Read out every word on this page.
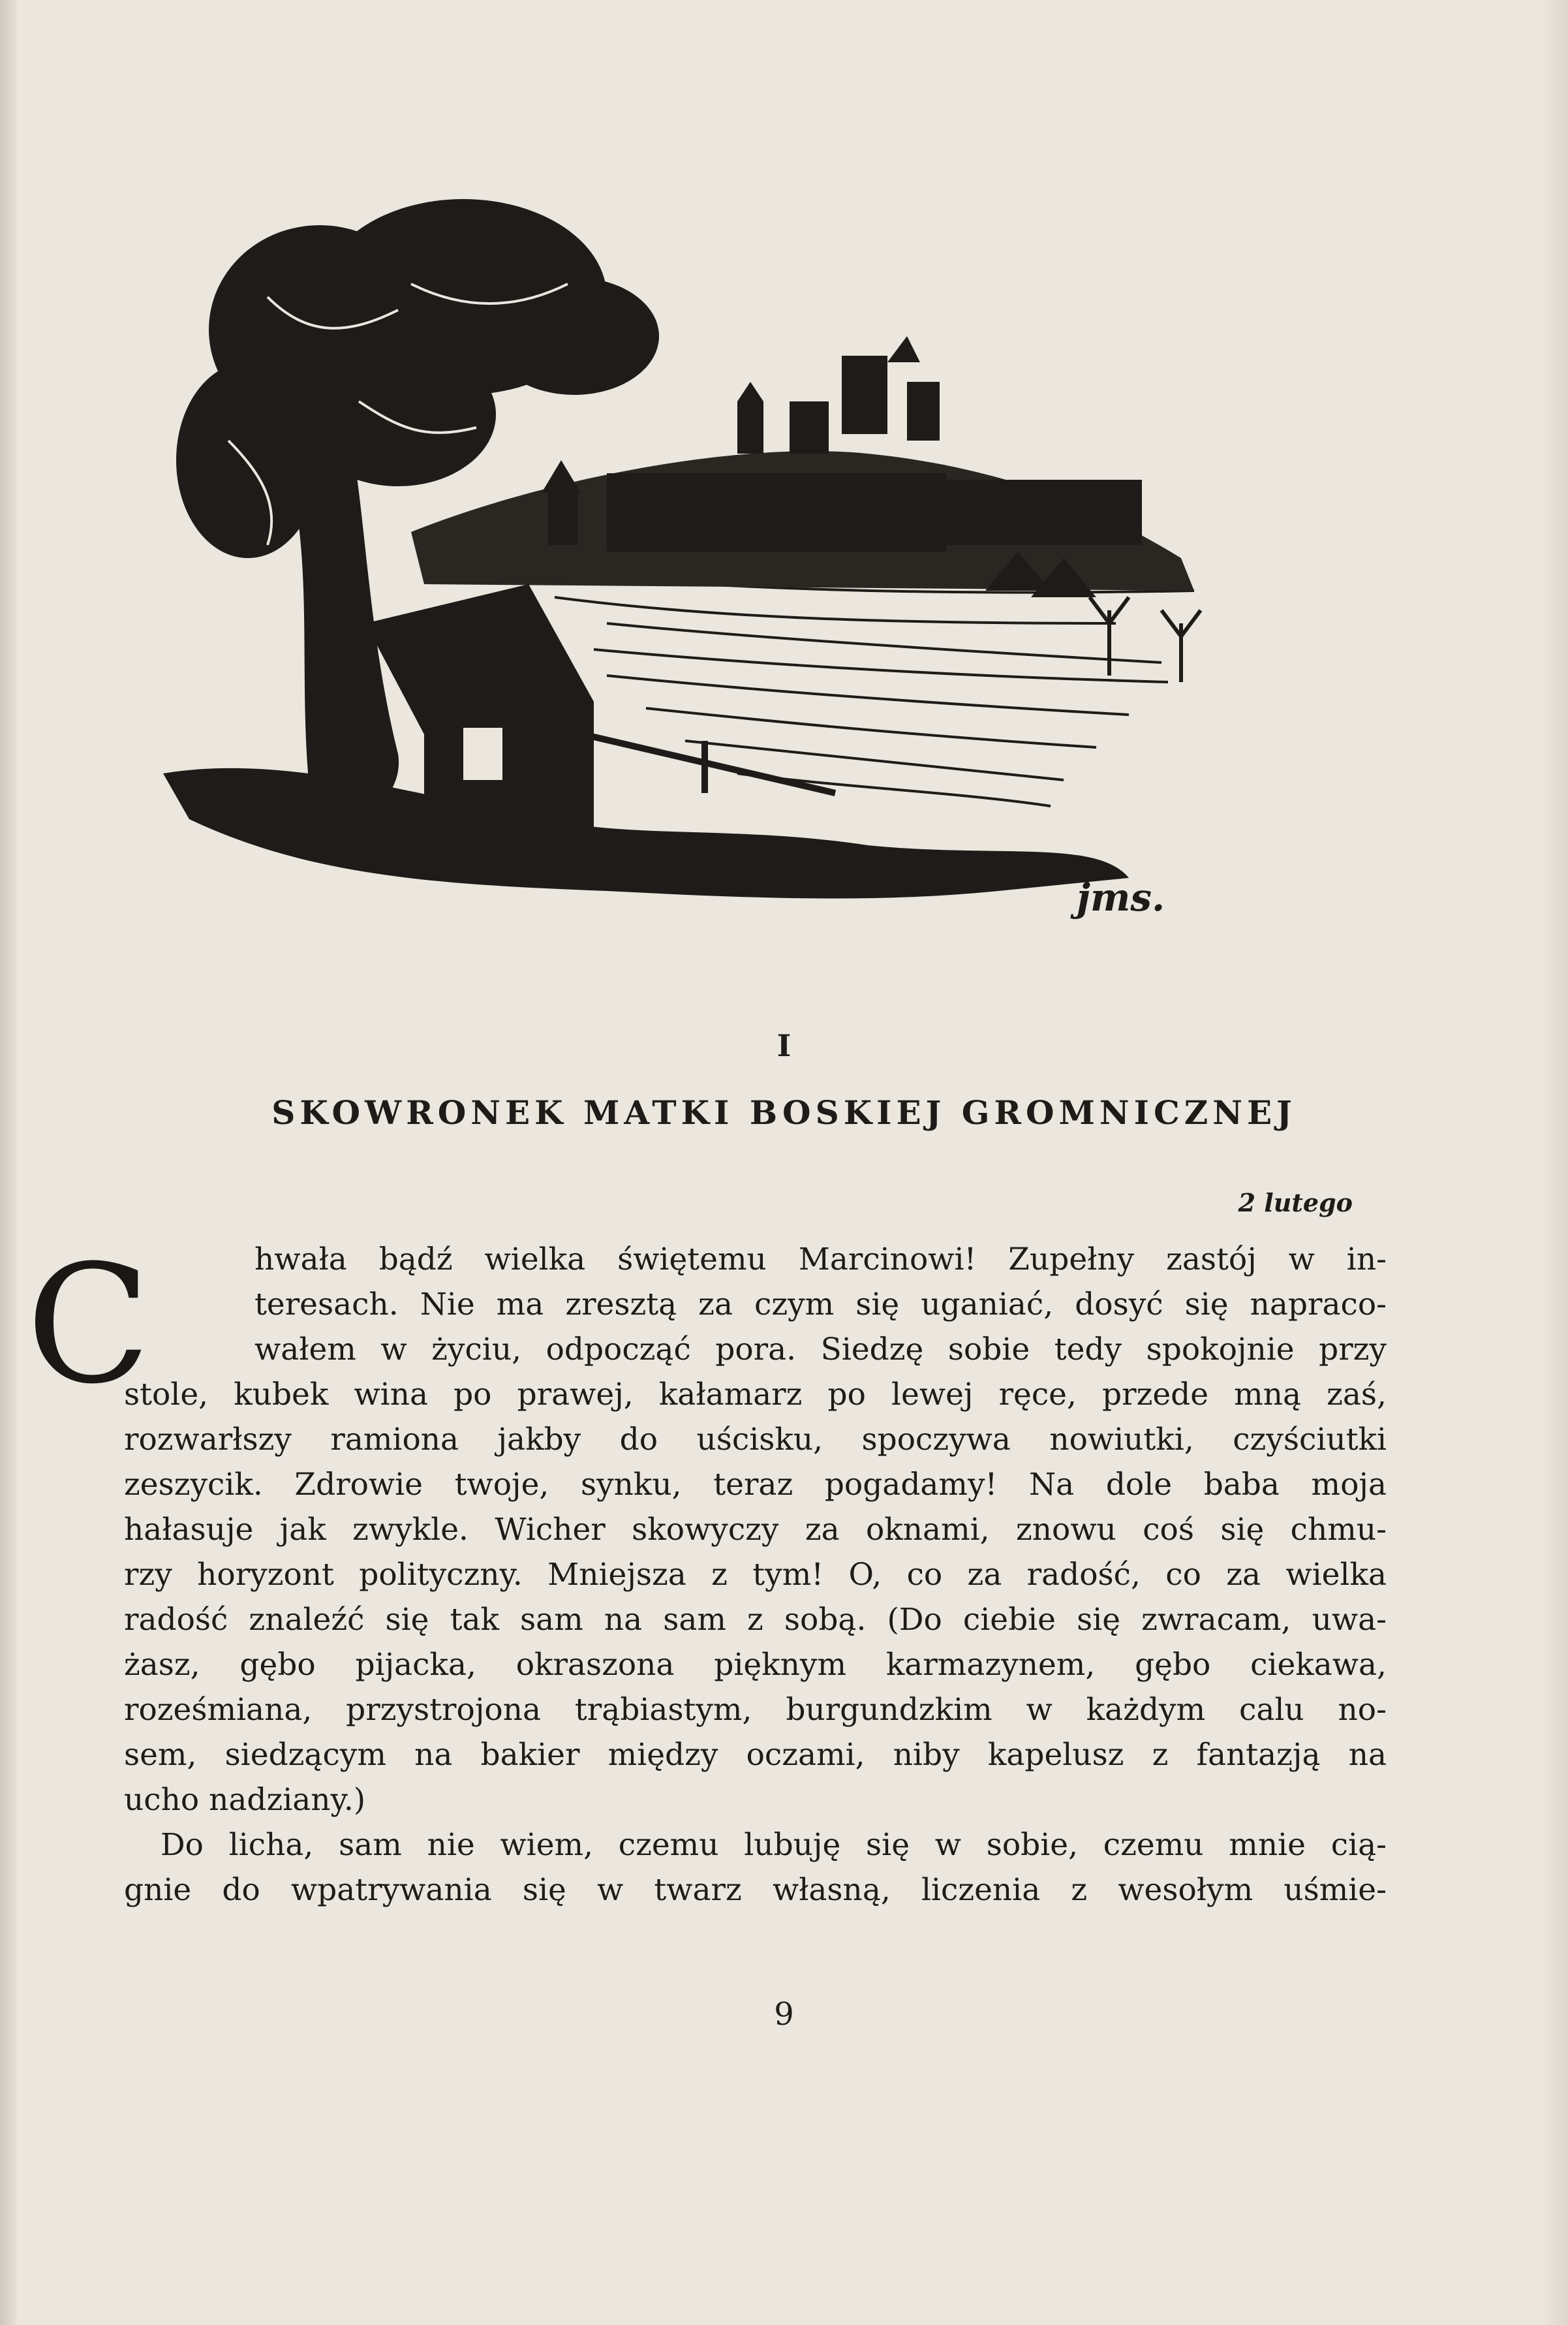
jms.
I
SKOWRONEK MATKI BOSKIEJ GROMNICZNEJ
2 lutego
C	hwała bądź wielka świętemu Marcinowi! Zupełny zastój w in-
teresach. Nie ma zresztą za czym się uganiać, dosyć się napraco-
wałem w życiu, odpocząć pora. Siedzę sobie tedy spokojnie przy
stole, kubek wina po prawej, kałamarz po lewej ręce, przede mną zaś,
rozwarłszy ramiona jakby do uścisku, spoczywa nowiutki, czyściutki
zeszycik. Zdrowie twoje, synku, teraz pogadamy! Na dole baba moja
hałasuje jak zwykle. Wicher skowyczy za oknami, znowu coś się chmu-
rzy horyzont polityczny. Mniejsza z tym! O, co za radość, co za wielka
radość znaleźć się tak sam na sam z sobą. (Do ciebie się zwracam, uwa-
żasz, gębo pijacka, okraszona pięknym karmazynem, gębo ciekawa,
roześmiana, przystrojona trąbiastym, burgundzkim w każdym calu no-
sem, siedzącym na bakier między oczami, niby kapelusz z fantazją na
ucho nadziany.)
Do licha, sam nie wiem, czemu lubuję się w sobie, czemu mnie cią-
gnie do wpatrywania się w twarz własną, liczenia z wesołym uśmie-
9
